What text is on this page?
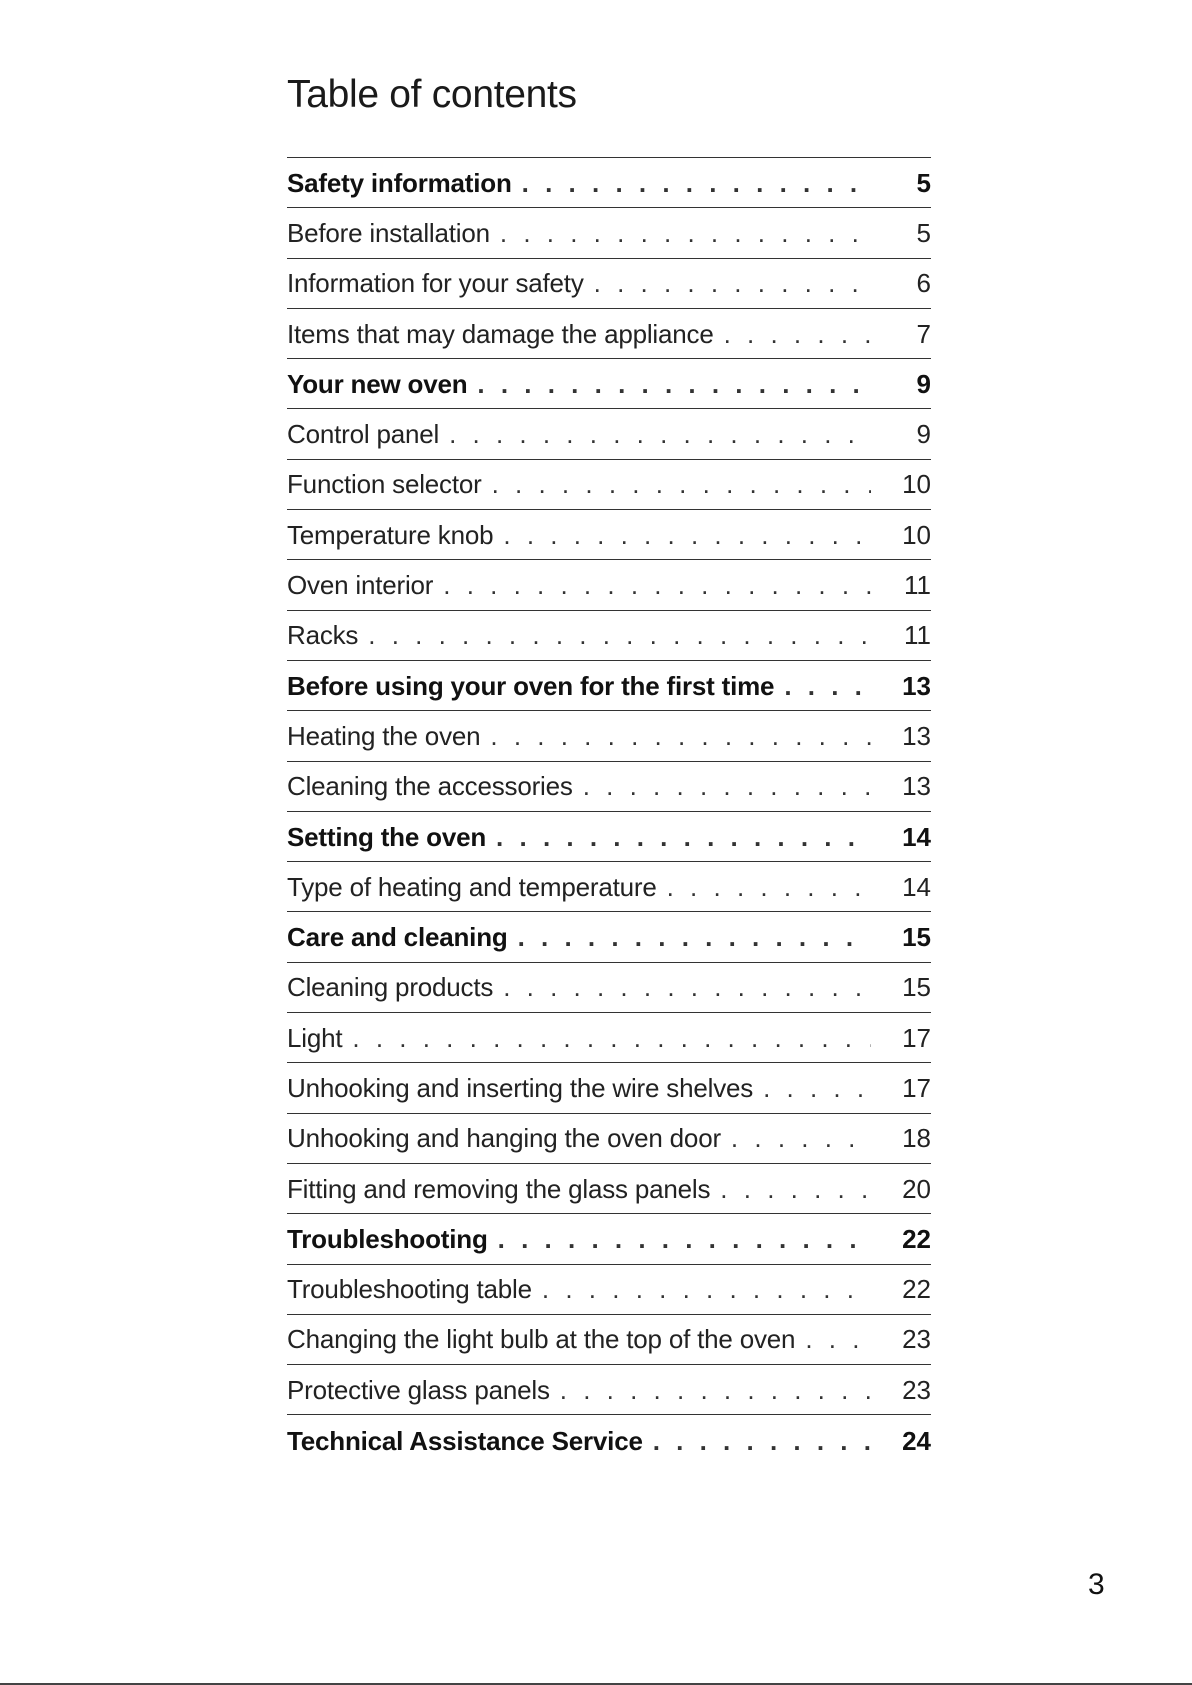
Table of contents
Safety information . . .	5
Before installation . . .	5
Information for your safety . . .	6
Items that may damage the appliance . . .	7
Your new oven . . .	9
Control panel . . .	9
Function selector . . .	10
Temperature knob . . .	10
Oven interior . . .	11
Racks . . .	11
Before using your oven for the first time . . .	13
Heating the oven . . .	13
Cleaning the accessories . . .	13
Setting the oven . . .	14
Type of heating and temperature . . .	14
Care and cleaning . . .	15
Cleaning products . . .	15
Light . . .	17
Unhooking and inserting the wire shelves . . .	17
Unhooking and hanging the oven door . . .	18
Fitting and removing the glass panels . . .	20
Troubleshooting . . .	22
Troubleshooting table . . .	22
Changing the light bulb at the top of the oven . . .	23
Protective glass panels . . .	23
Technical Assistance Service . . .	24
3
